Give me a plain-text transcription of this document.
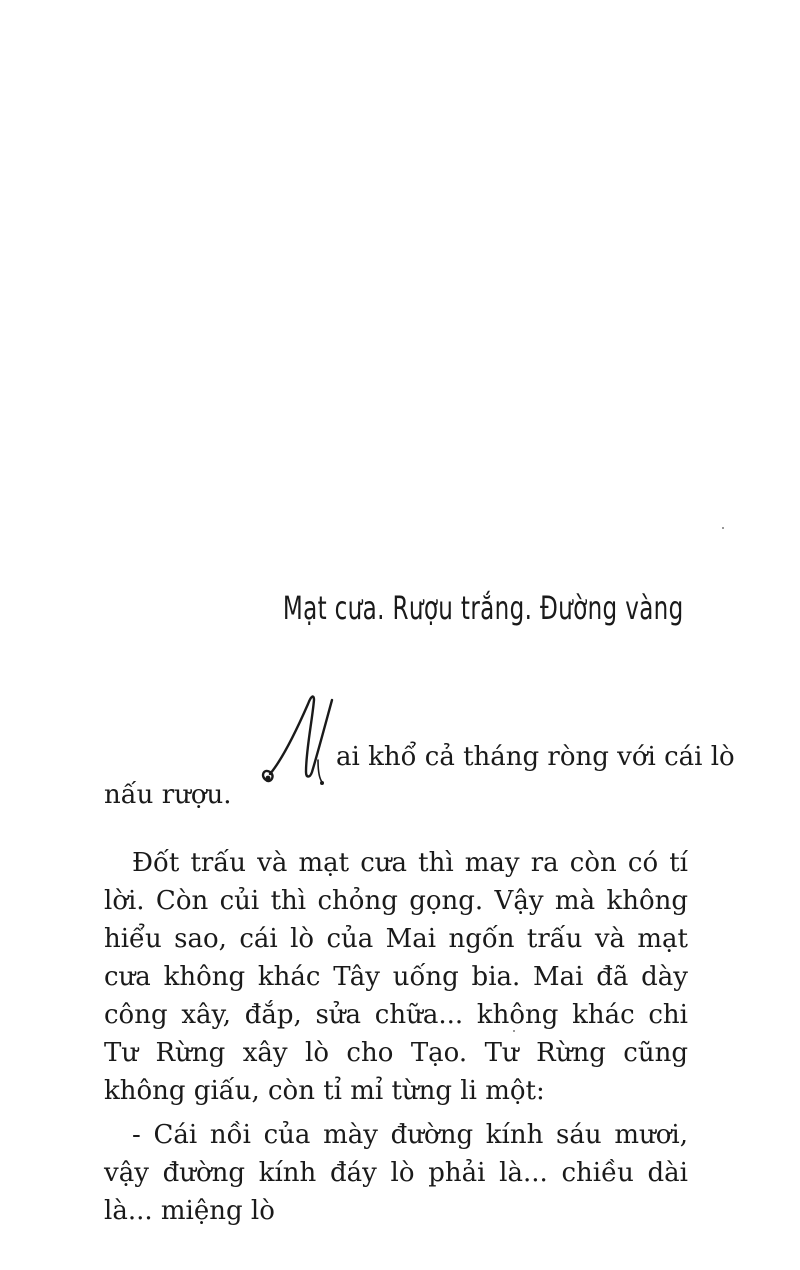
Mạt cưa. Rượu trắng. Đường vàng
ai khổ cả tháng ròng với cái lò
nấu rượu.

Đốt trấu và mạt cưa thì may ra còn có tí lời. Còn củi thì chỏng gọng. Vậy mà không hiểu sao, cái lò của Mai ngốn trấu và mạt cưa không khác Tây uống bia. Mai đã dày công xây, đắp, sửa chữa... không khác chi Tư Rừng xây lò cho Tạo. Tư Rừng cũng không giấu, còn tỉ mỉ từng li một:

- Cái nồi của mày đường kính sáu mươi, vậy đường kính đáy lò phải là... chiều dài là... miệng lò
